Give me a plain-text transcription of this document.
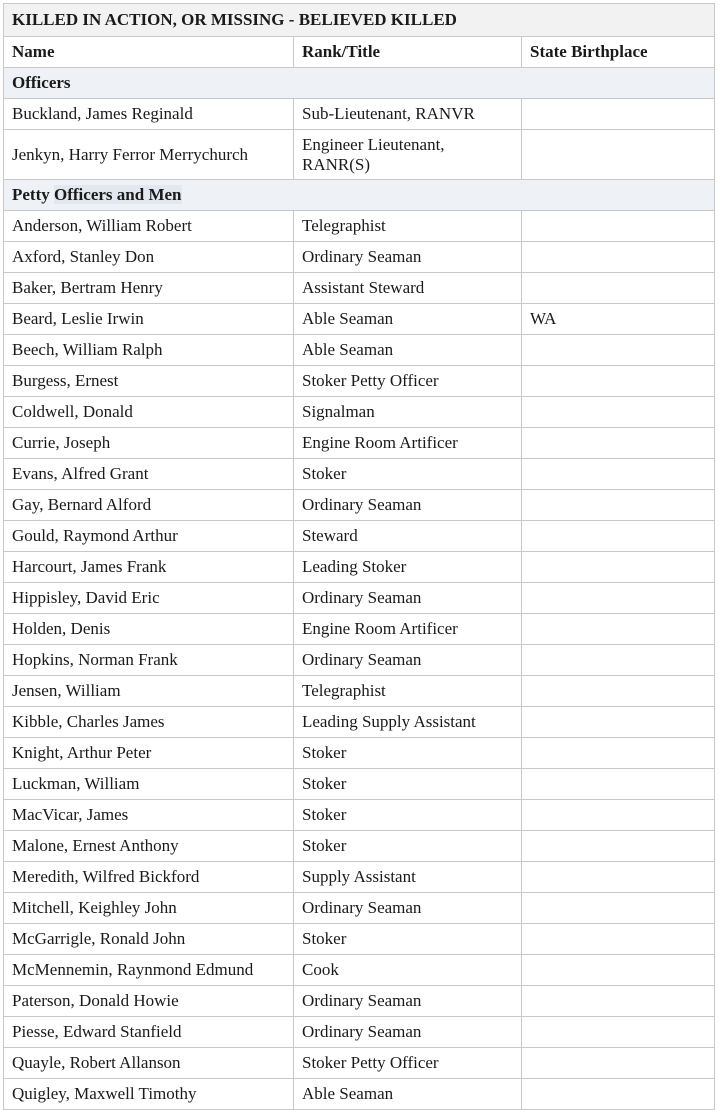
KILLED IN ACTION, OR MISSING - BELIEVED KILLED		
Name	Rank/Title	State Birthplace
Officers		
Buckland, James Reginald	Sub-Lieutenant, RANVR	
Jenkyn, Harry Ferror Merrychurch	Engineer Lieutenant, RANR(S)	
Petty Officers and Men		
Anderson, William Robert	Telegraphist	
Axford, Stanley Don	Ordinary Seaman	
Baker, Bertram Henry	Assistant Steward	
Beard, Leslie Irwin	Able Seaman	WA
Beech, William Ralph	Able Seaman	
Burgess, Ernest	Stoker Petty Officer	
Coldwell, Donald	Signalman	
Currie, Joseph	Engine Room Artificer	
Evans, Alfred Grant	Stoker	
Gay, Bernard Alford	Ordinary Seaman	
Gould, Raymond Arthur	Steward	
Harcourt, James Frank	Leading Stoker	
Hippisley, David Eric	Ordinary Seaman	
Holden, Denis	Engine Room Artificer	
Hopkins, Norman Frank	Ordinary Seaman	
Jensen, William	Telegraphist	
Kibble, Charles James	Leading Supply Assistant	
Knight, Arthur Peter	Stoker	
Luckman, William	Stoker	
MacVicar, James	Stoker	
Malone, Ernest Anthony	Stoker	
Meredith, Wilfred Bickford	Supply Assistant	
Mitchell, Keighley John	Ordinary Seaman	
McGarrigle, Ronald John	Stoker	
McMennemin, Raynmond Edmund	Cook	
Paterson, Donald Howie	Ordinary Seaman	
Piesse, Edward Stanfield	Ordinary Seaman	
Quayle, Robert Allanson	Stoker Petty Officer	
Quigley, Maxwell Timothy	Able Seaman	
